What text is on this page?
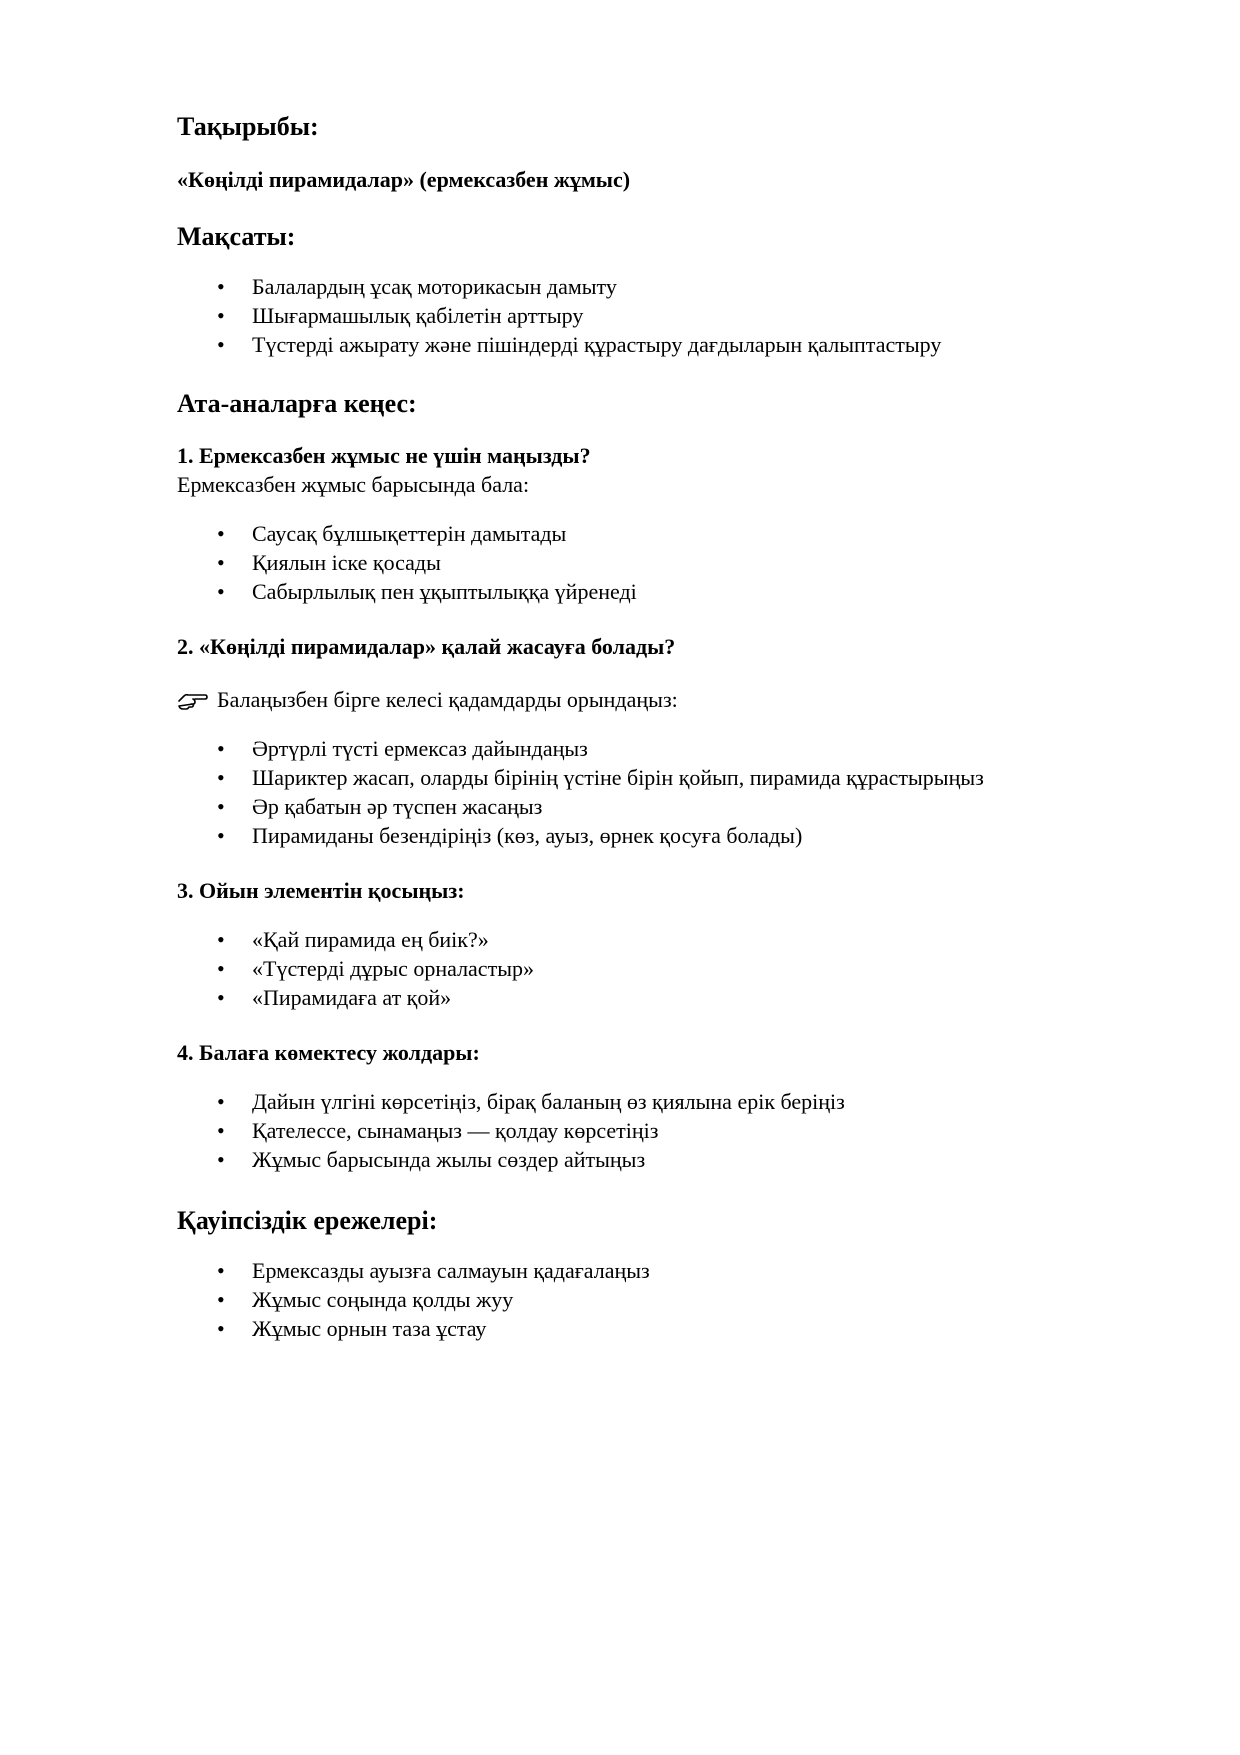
Тақырыбы:
«Көңілді пирамидалар» (ермексазбен жұмыс)
Мақсаты:
• Балалардың ұсақ моторикасын дамыту
• Шығармашылық қабілетін арттыру
• Түстерді ажырату және пішіндерді құрастыру дағдыларын қалыптастыру
Ата-аналарға кеңес:
1. Ермексазбен жұмыс не үшін маңызды?

Ермексазбен жұмыс барысында бала:

• Саусақ бұлшықеттерін дамытады
• Қиялын іске қосады
• Сабырлылық пен ұқыптылыққа үйренеді
2. «Көңілді пирамидалар» қалай жасауға болады?
Балаңызбен бірге келесі қадамдарды орындаңыз:
• Әртүрлі түсті ермексаз дайындаңыз
• Шариктер жасап, оларды бірінің үстіне бірін қойып, пирамида құрастырыңыз
• Әр қабатын әр түспен жасаңыз
• Пирамиданы безендіріңіз (көз, ауыз, өрнек қосуға болады)
3. Ойын элементін қосыңыз:
• «Қай пирамида ең биік?»
• «Түстерді дұрыс орналастыр»
• «Пирамидаға ат қой»
4. Балаға көмектесу жолдары:
• Дайын үлгіні көрсетіңіз, бірақ баланың өз қиялына ерік беріңіз
• Қателессе, сынамаңыз — қолдау көрсетіңіз
• Жұмыс барысында жылы сөздер айтыңыз
Қауіпсіздік ережелері:
• Ермексазды ауызға салмауын қадағалаңыз
• Жұмыс соңында қолды жуу
• Жұмыс орнын таза ұстау
